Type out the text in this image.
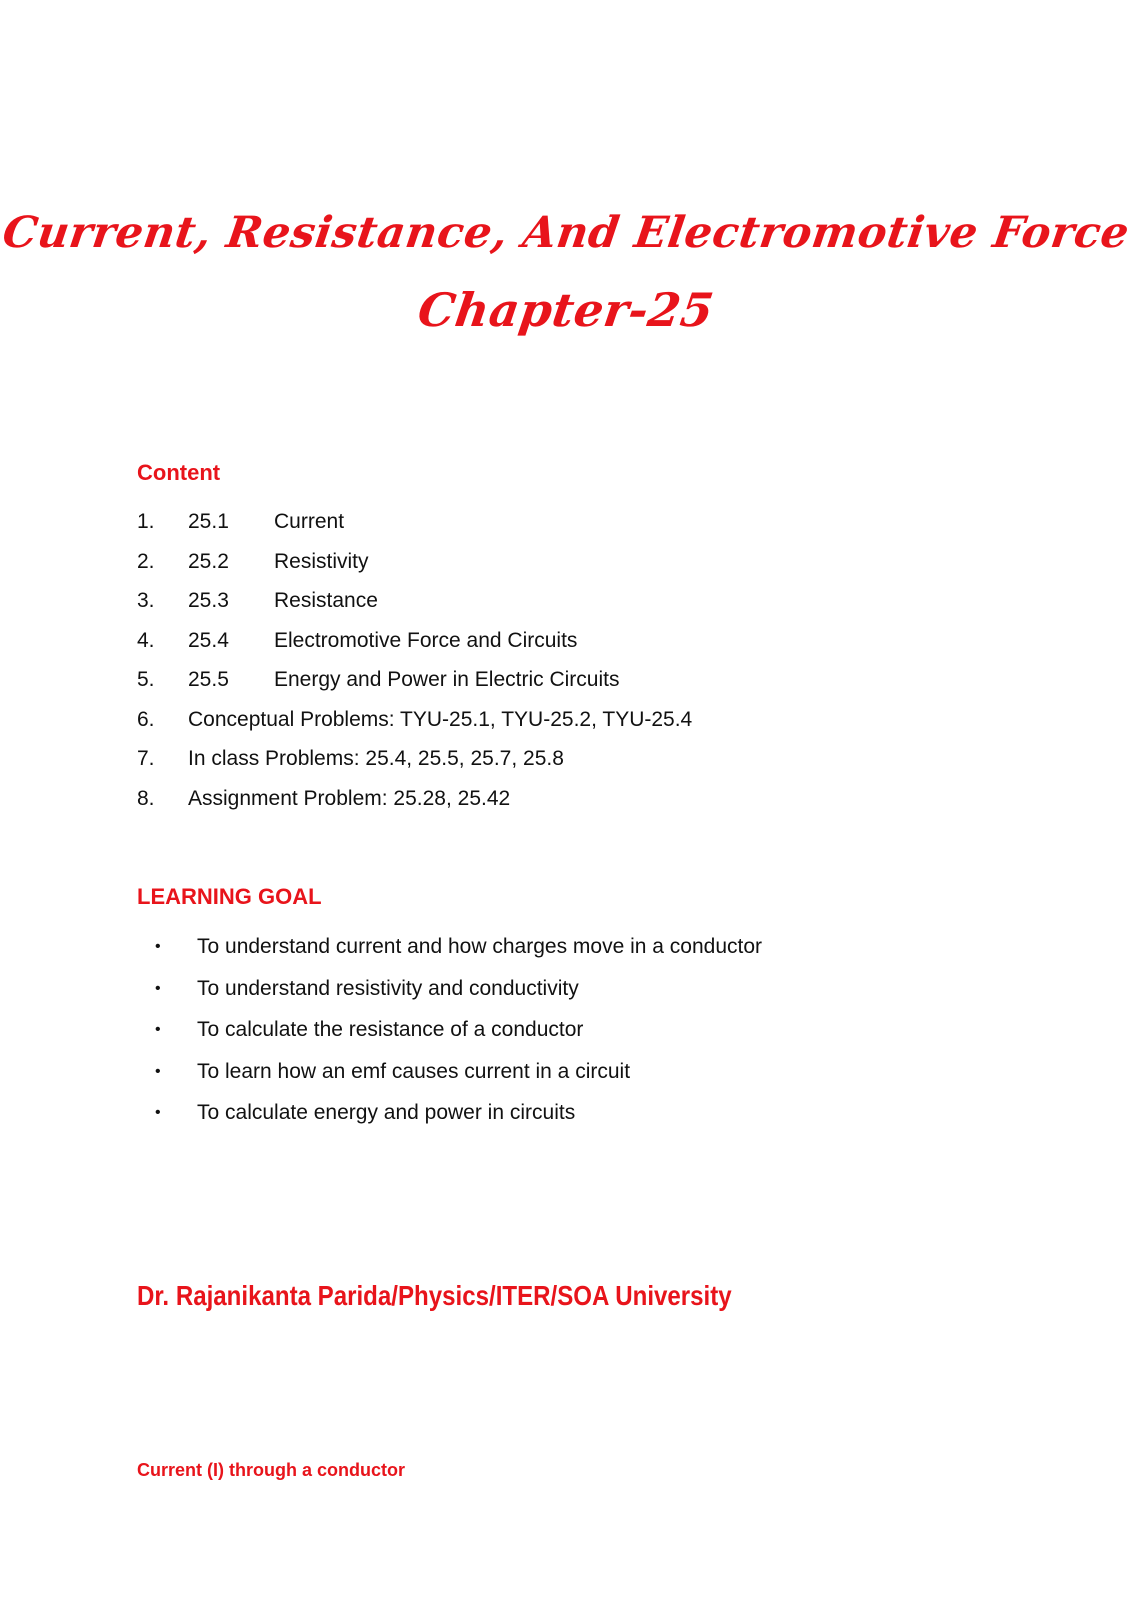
Current, Resistance, And Electromotive Force
Chapter-25
Content
1. 25.1 Current
2. 25.2 Resistivity
3. 25.3 Resistance
4. 25.4 Electromotive Force and Circuits
5. 25.5 Energy and Power in Electric Circuits
6. Conceptual Problems: TYU-25.1, TYU-25.2, TYU-25.4
7. In class Problems: 25.4, 25.5, 25.7, 25.8
8. Assignment Problem: 25.28, 25.42
LEARNING GOAL
• To understand current and how charges move in a conductor
• To understand resistivity and conductivity
• To calculate the resistance of a conductor
• To learn how an emf causes current in a circuit
• To calculate energy and power in circuits
Dr. Rajanikanta Parida/Physics/ITER/SOA University
Current (I) through a conductor
